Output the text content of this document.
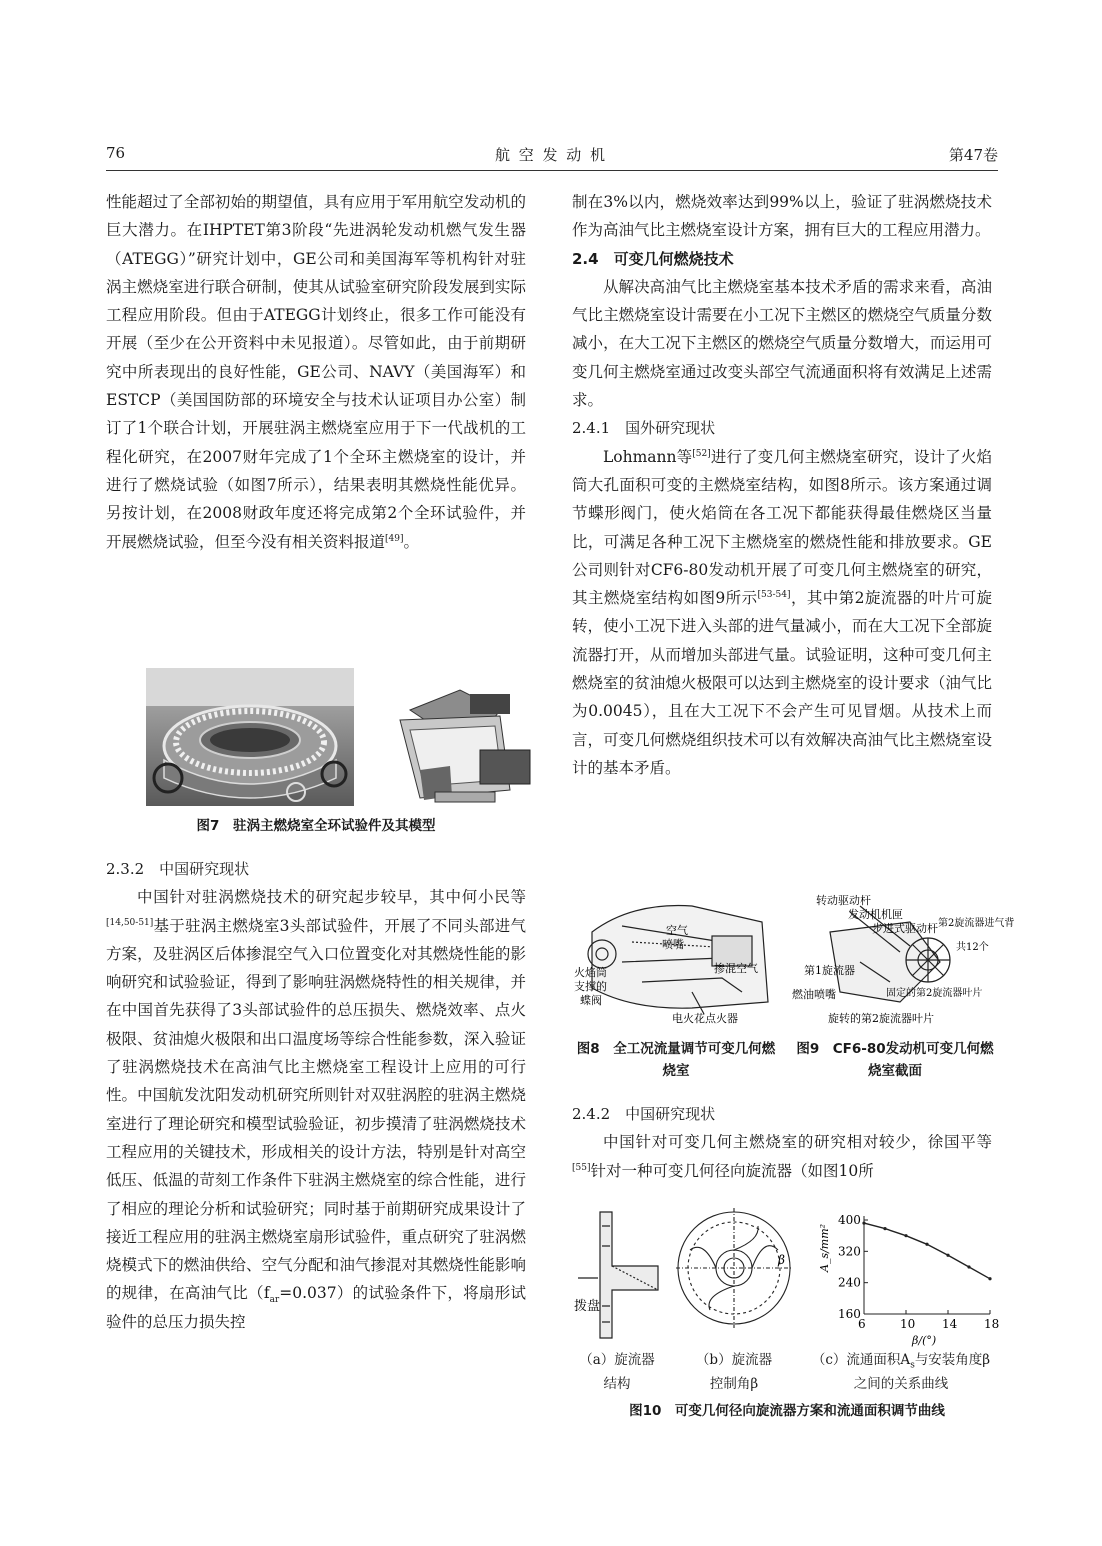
76	航 空 发 动 机	第47卷

性能超过了全部初始的期望值，具有应用于军用航空发动机的巨大潜力。在IHPTET第3阶段“先进涡轮发动机燃气发生器（ATEGG）”研究计划中，GE公司和美国海军等机构针对驻涡主燃烧室进行联合研制，使其从试验室研究阶段发展到实际工程应用阶段。但由于ATEGG计划终止，很多工作可能没有开展（至少在公开资料中未见报道）。尽管如此，由于前期研究中所表现出的良好性能，GE公司、NAVY（美国海军）和ESTCP（美国国防部的环境安全与技术认证项目办公室）制订了1个联合计划，开展驻涡主燃烧室应用于下一代战机的工程化研究，在2007财年完成了1个全环主燃烧室的设计，并进行了燃烧试验（如图7所示），结果表明其燃烧性能优异。另按计划，在2008财政年度还将完成第2个全环试验件，并开展燃烧试验，但至今没有相关资料报道[49]。

图7　驻涡主燃烧室全环试验件及其模型

2.3.2　中国研究现状

中国针对驻涡燃烧技术的研究起步较早，其中何小民等[14,50-51]基于驻涡主燃烧室3头部试验件，开展了不同头部进气方案，及驻涡区后体掺混空气入口位置变化对其燃烧性能的影响研究和试验验证，得到了影响驻涡燃烧特性的相关规律，并在中国首先获得了3头部试验件的总压损失、燃烧效率、点火极限、贫油熄火极限和出口温度场等综合性能参数，深入验证了驻涡燃烧技术在高油气比主燃烧室工程设计上应用的可行性。中国航发沈阳发动机研究所则针对双驻涡腔的驻涡主燃烧室进行了理论研究和模型试验验证，初步摸清了驻涡燃烧技术工程应用的关键技术，形成相关的设计方法，特别是针对高空低压、低温的苛刻工作条件下驻涡主燃烧室的综合性能，进行了相应的理论分析和试验研究；同时基于前期研究成果设计了接近工程应用的驻涡主燃烧室扇形试验件，重点研究了驻涡燃烧模式下的燃油供给、空气分配和油气掺混对其燃烧性能影响的规律，在高油气比$(f_{ar}=0.037)$的试验条件下，将扇形试验件的总压力损失控

制在3%以内，燃烧效率达到99%以上，验证了驻涡燃烧技术作为高油气比主燃烧室设计方案，拥有巨大的工程应用潜力。

2.4　可变几何燃烧技术

从解决高油气比主燃烧室基本技术矛盾的需求来看，高油气比主燃烧室设计需要在小工况下主燃区的燃烧空气质量分数减小，在大工况下主燃区的燃烧空气质量分数增大，而运用可变几何主燃烧室通过改变头部空气流通面积将有效满足上述需求。

2.4.1　国外研究现状

Lohmann等[52]进行了变几何主燃烧室研究，设计了火焰筒大孔面积可变的主燃烧室结构，如图8所示。该方案通过调节蝶形阀门，使火焰筒在各工况下都能获得最佳燃烧区当量比，可满足各种工况下主燃烧室的燃烧性能和排放要求。GE公司则针对CF6-80发动机开展了可变几何主燃烧室的研究，其主燃烧室结构如图9所示[53-54]，其中第2旋流器的叶片可旋转，使小工况下进入头部的进气量减小，而在大工况下全部旋流器打开，从而增加头部进气量。试验证明，这种可变几何主燃烧室的贫油熄火极限可以达到主燃烧室的设计要求（油气比为0.0045），且在大工况下不会产生可见冒烟。从技术上而言，可变几何燃烧组织技术可以有效解决高油气比主燃烧室设计的基本矛盾。

空气
喷嘴
火焰筒
支撑的
蝶阀
掺混空气
电火花点火器
图8　全工况流量调节可变几何燃烧室
转动驱动杆
发动机机匣
步进式驱动杆 第2旋流器进气背
共12个
第1旋流器
燃油喷嘴	固定的第2旋流器叶片
旋转的第2旋流器叶片
图9　CF6-80发动机可变几何燃烧室截面

2.4.2　中国研究现状

中国针对可变几何主燃烧室的研究相对较少，徐国平等[55]针对一种可变几何径向旋流器（如图10所

拨盘
（a）旋流器
结构
β
（b）旋流器
控制角β
A_s/mm²
β/(°)
6	10 14 18
160
240
320
400
（c）流通面积$A_s$与安装角度β
之间的关系曲线
图10　可变几何径向旋流器方案和流通面积调节曲线
